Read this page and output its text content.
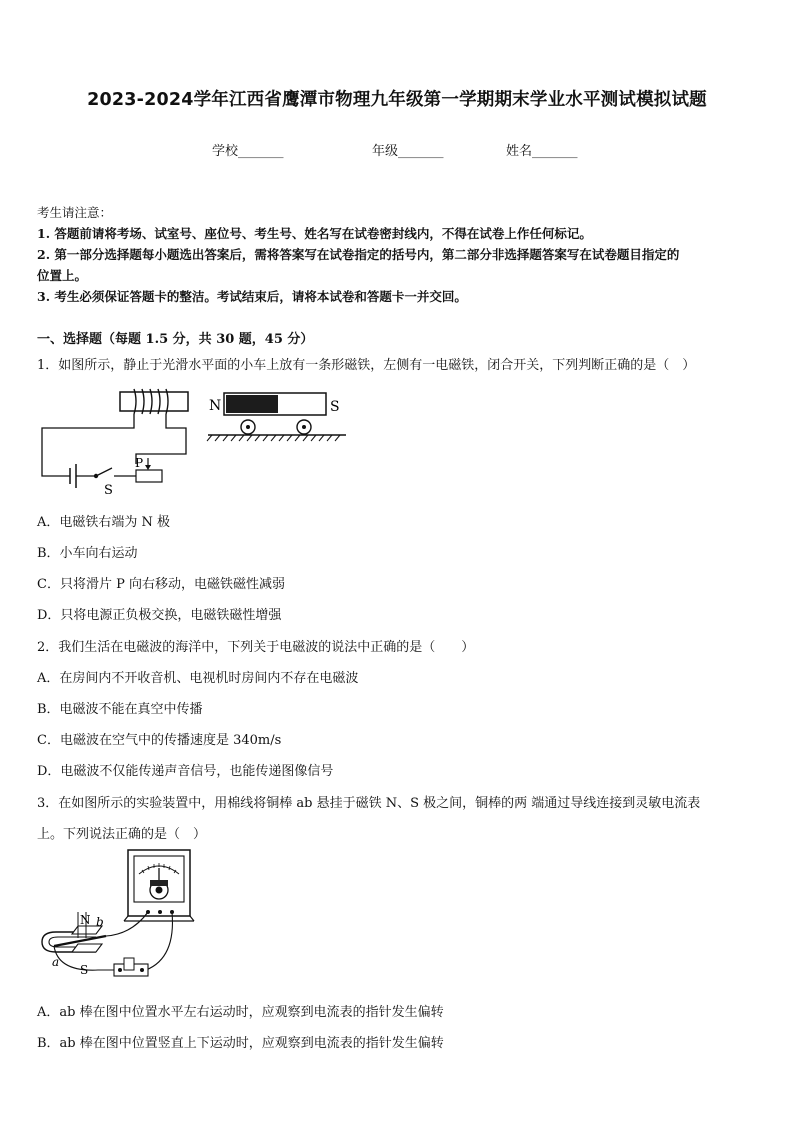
2023-2024学年江西省鹰潭市物理九年级第一学期期末学业水平测试模拟试题
学校_______	年级_______	姓名_______
考生请注意：
1. 答题前请将考场、试室号、座位号、考生号、姓名写在试卷密封线内，不得在试卷上作任何标记。
2. 第一部分选择题每小题选出答案后，需将答案写在试卷指定的括号内，第二部分非选择题答案写在试卷题目指定的
位置上。
3. 考生必须保证答题卡的整洁。考试结束后，请将本试卷和答题卡一并交回。
一、选择题（每题 1.5 分，共 30 题，45 分）
1．如图所示，静止于光滑水平面的小车上放有一条形磁铁，左侧有一电磁铁，闭合开关，下列判断正确的是（　）
N	S
P
S
A．电磁铁右端为 N 极
B．小车向右运动
C．只将滑片 P 向右移动，电磁铁磁性减弱
D．只将电源正负极交换，电磁铁磁性增强
2．我们生活在电磁波的海洋中，下列关于电磁波的说法中正确的是（　　）
A．在房间内不开收音机、电视机时房间内不存在电磁波
B．电磁波不能在真空中传播
C．电磁波在空气中的传播速度是 340m/s
D．电磁波不仅能传递声音信号，也能传递图像信号
3．在如图所示的实验装置中，用棉线将铜棒 ab 悬挂于磁铁 N、S 极之间，铜棒的两 端通过导线连接到灵敏电流表
上。下列说法正确的是（　）
N
S
a
b
A．ab 棒在图中位置水平左右运动时，应观察到电流表的指针发生偏转
B．ab 棒在图中位置竖直上下运动时，应观察到电流表的指针发生偏转
